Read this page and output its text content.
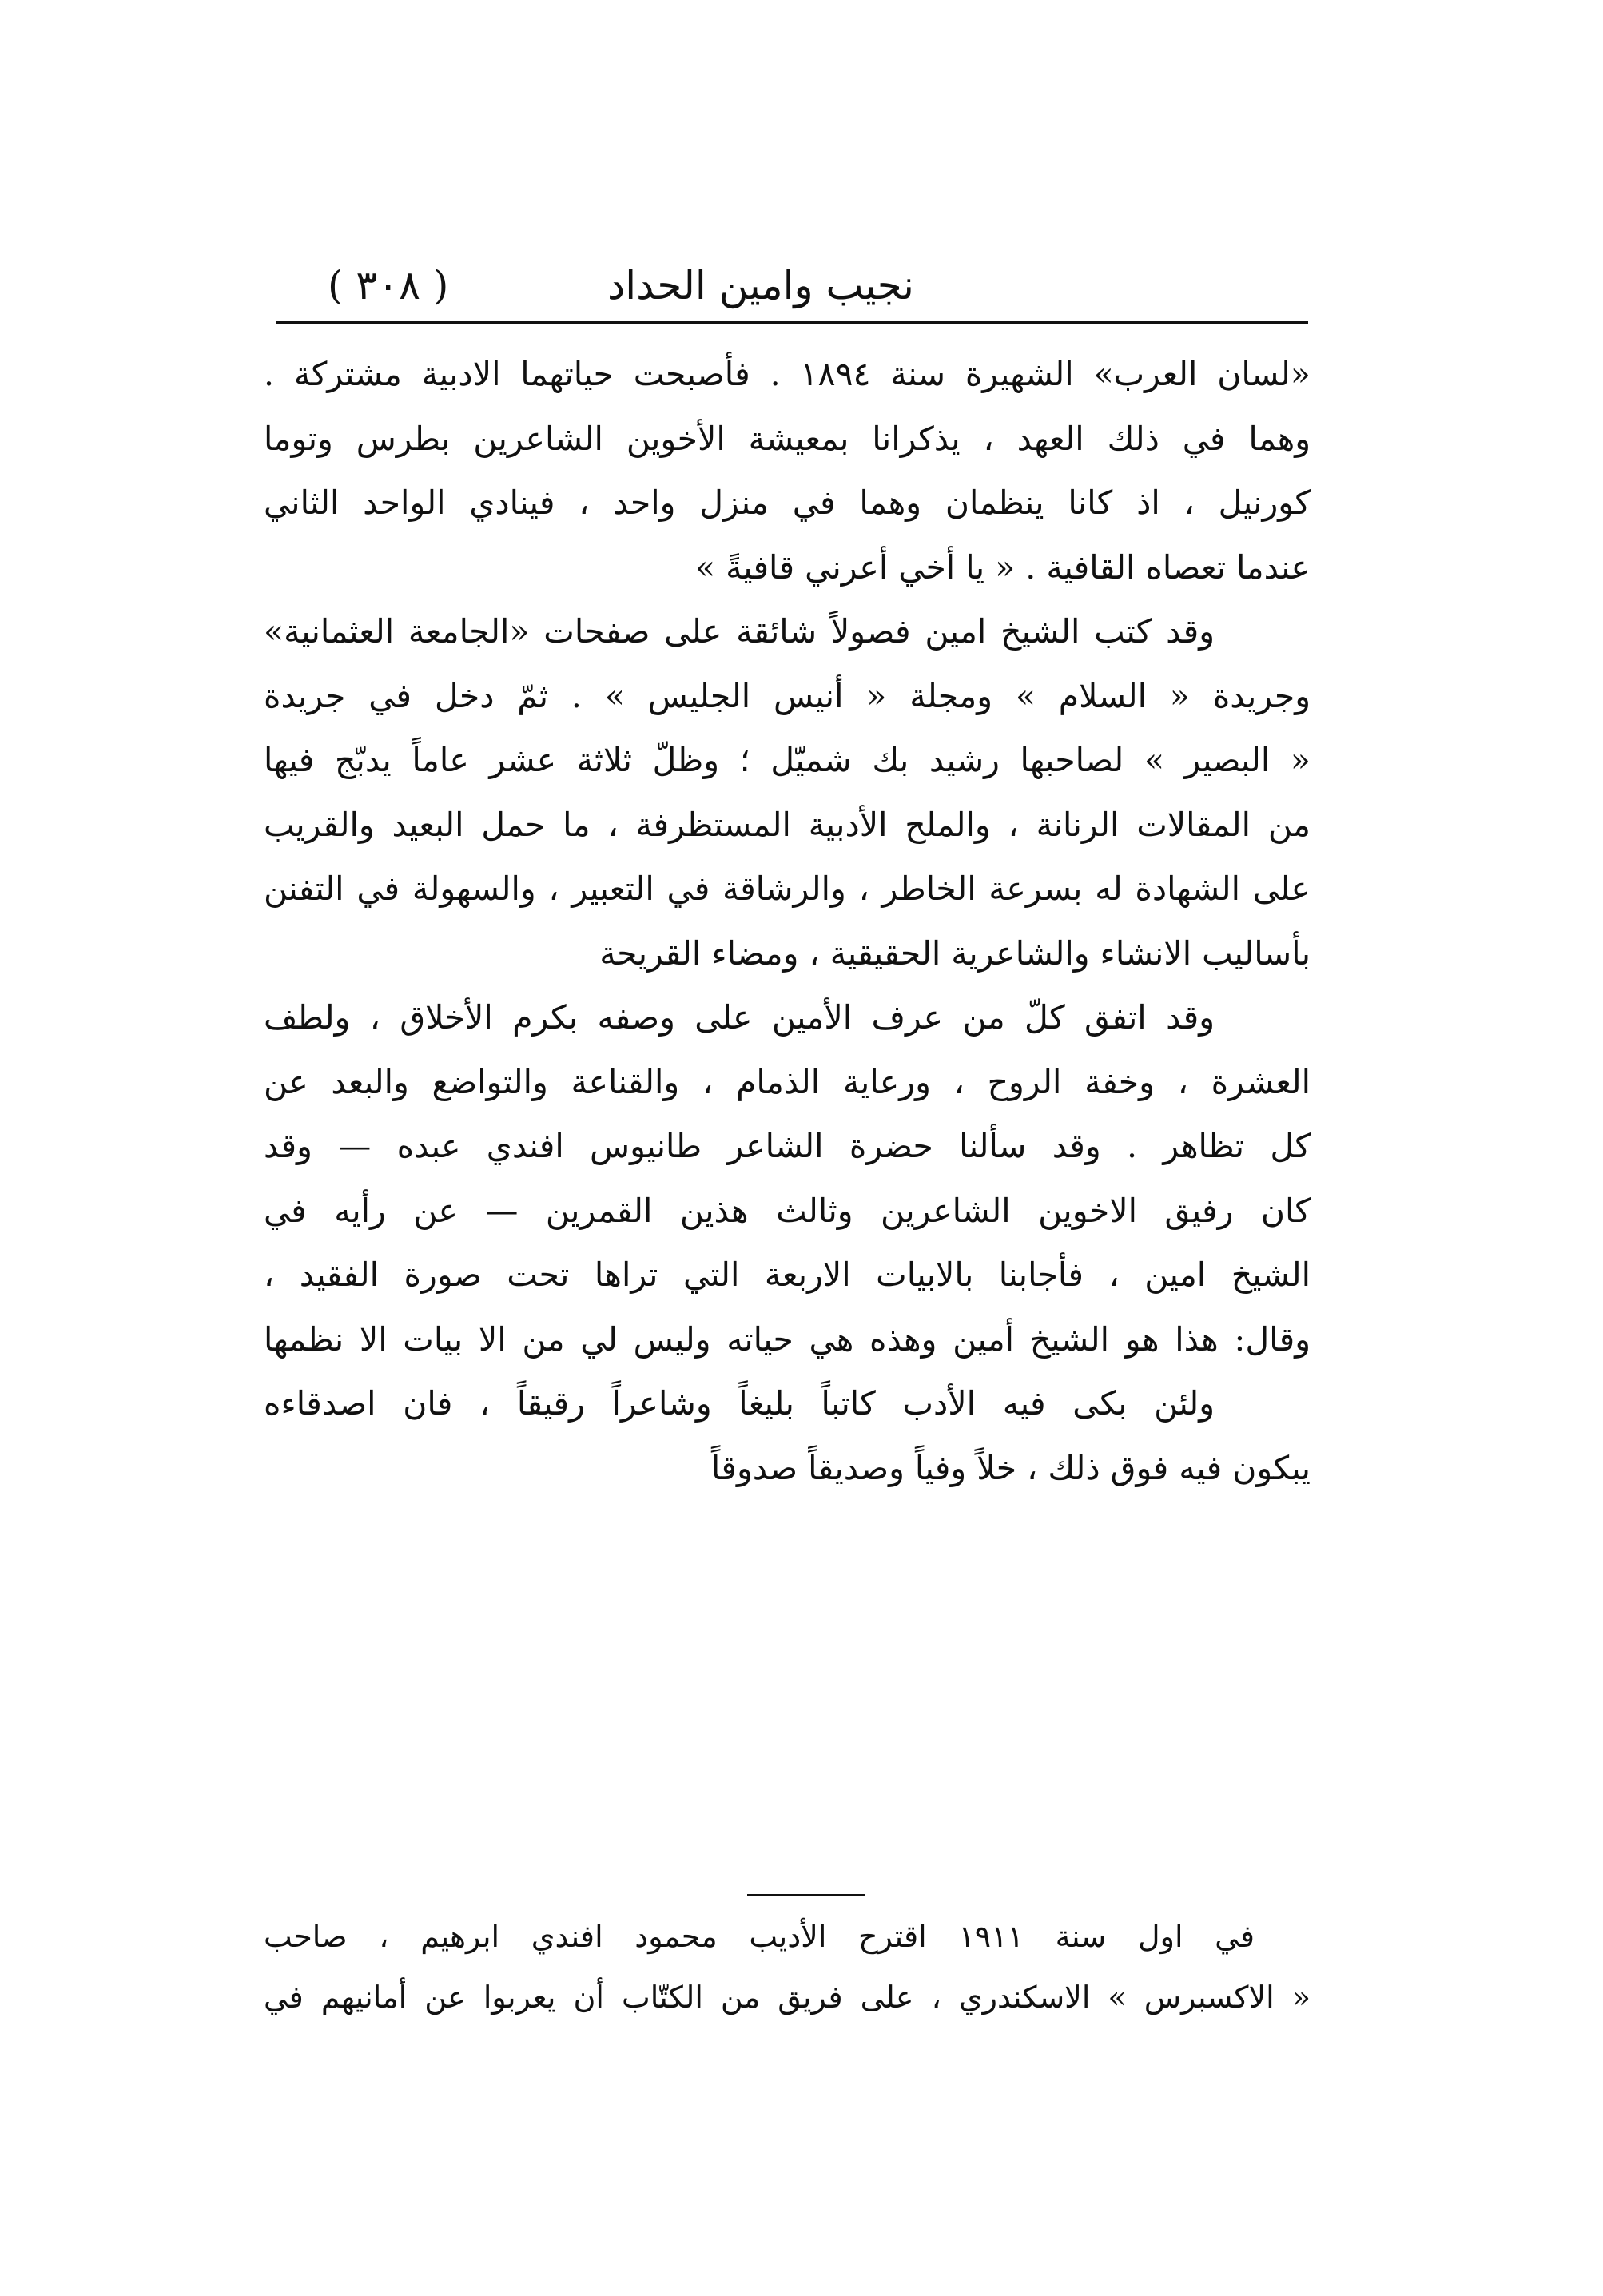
( ٣٠٨ )	نجيب وامين الحداد
«لسان العرب» الشهيرة سنة ١٨٩٤ . فأصبحت حياتهما الادبية مشتركة .
وهما في ذلك العهد ، يذكرانا بمعيشة الأخوين الشاعرين بطرس وتوما
كورنيل ، اذ كانا ينظمان وهما في منزل واحد ، فينادي الواحد الثاني
عندما تعصاه القافية . « يا أخي أعرني قافيةً »
وقد كتب الشيخ امين فصولاً شائقة على صفحات «الجامعة العثمانية»
وجريدة « السلام » ومجلة « أنيس الجليس » . ثمّ دخل في جريدة
« البصير » لصاحبها رشيد بك شميّل ؛ وظلّ ثلاثة عشر عاماً يدبّج فيها
من المقالات الرنانة ، والملح الأدبية المستظرفة ، ما حمل البعيد والقريب
على الشهادة له بسرعة الخاطر ، والرشاقة في التعبير ، والسهولة في التفنن
بأساليب الانشاء والشاعرية الحقيقية ، ومضاء القريحة
وقد اتفق كلّ من عرف الأمين على وصفه بكرم الأخلاق ، ولطف
العشرة ، وخفة الروح ، ورعاية الذمام ، والقناعة والتواضع والبعد عن
كل تظاهر . وقد سألنا حضرة الشاعر طانيوس افندي عبده — وقد
كان رفيق الاخوين الشاعرين وثالث هذين القمرين — عن رأيه في
الشيخ امين ، فأجابنا بالابيات الاربعة التي تراها تحت صورة الفقيد ،
وقال: هذا هو الشيخ أمين وهذه هي حياته وليس لي من الا بيات الا نظمها
ولئن بكى فيه الأدب كاتباً بليغاً وشاعراً رقيقاً ، فان اصدقاءه
يبكون فيه فوق ذلك ، خلاً وفياً وصديقاً صدوقاً
في اول سنة ١٩١١ اقترح الأديب محمود افندي ابرهيم ، صاحب
« الاكسبرس » الاسكندري ، على فريق من الكتّاب أن يعربوا عن أمانيهم في
